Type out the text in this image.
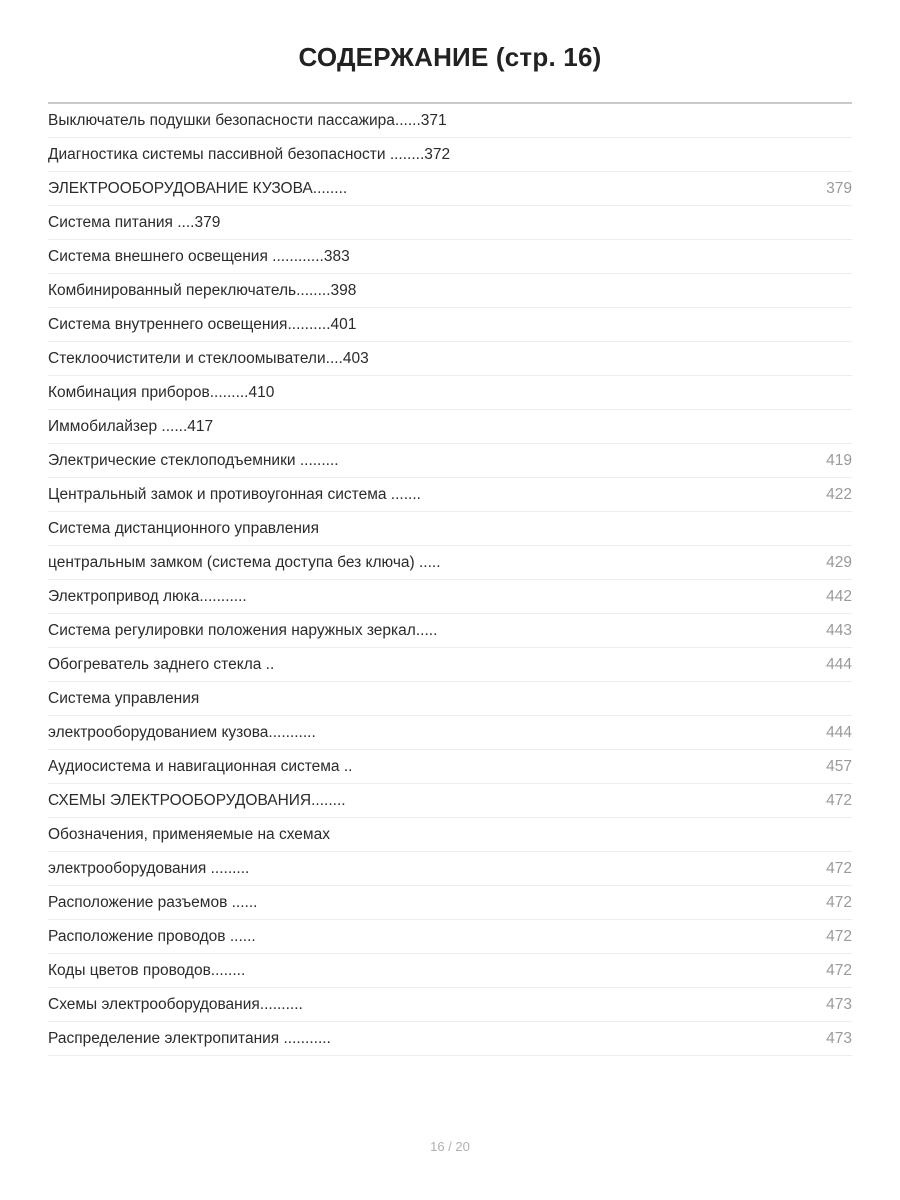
СОДЕРЖАНИЕ (стр. 16)
Выключатель подушки безопасности пассажира......371
Диагностика системы пассивной безопасности ........372
ЭЛЕКТРООБОРУДОВАНИЕ КУЗОВА........	379
Система питания ....379
Система внешнего освещения ............383
Комбинированный переключатель........398
Система внутреннего освещения..........401
Стеклоочистители и стеклоомыватели....403
Комбинация приборов.........410
Иммобилайзер ......417
Электрические стеклоподъемники .........	419
Центральный замок и противоугонная система .......	422
Система дистанционного управления
центральным замком (система доступа без ключа) .....	429
Электропривод люка...........	442
Система регулировки положения наружных зеркал.....	443
Обогреватель заднего стекла ..	444
Система управления
электрооборудованием кузова...........	444
Аудиосистема и навигационная система ..	457
СХЕМЫ ЭЛЕКТРООБОРУДОВАНИЯ........	472
Обозначения, применяемые на схемах
электрооборудования .........	472
Расположение разъемов ......	472
Расположение проводов ......	472
Коды цветов проводов........	472
Схемы электрооборудования..........	473
Распределение электропитания ...........	473
16 / 20
